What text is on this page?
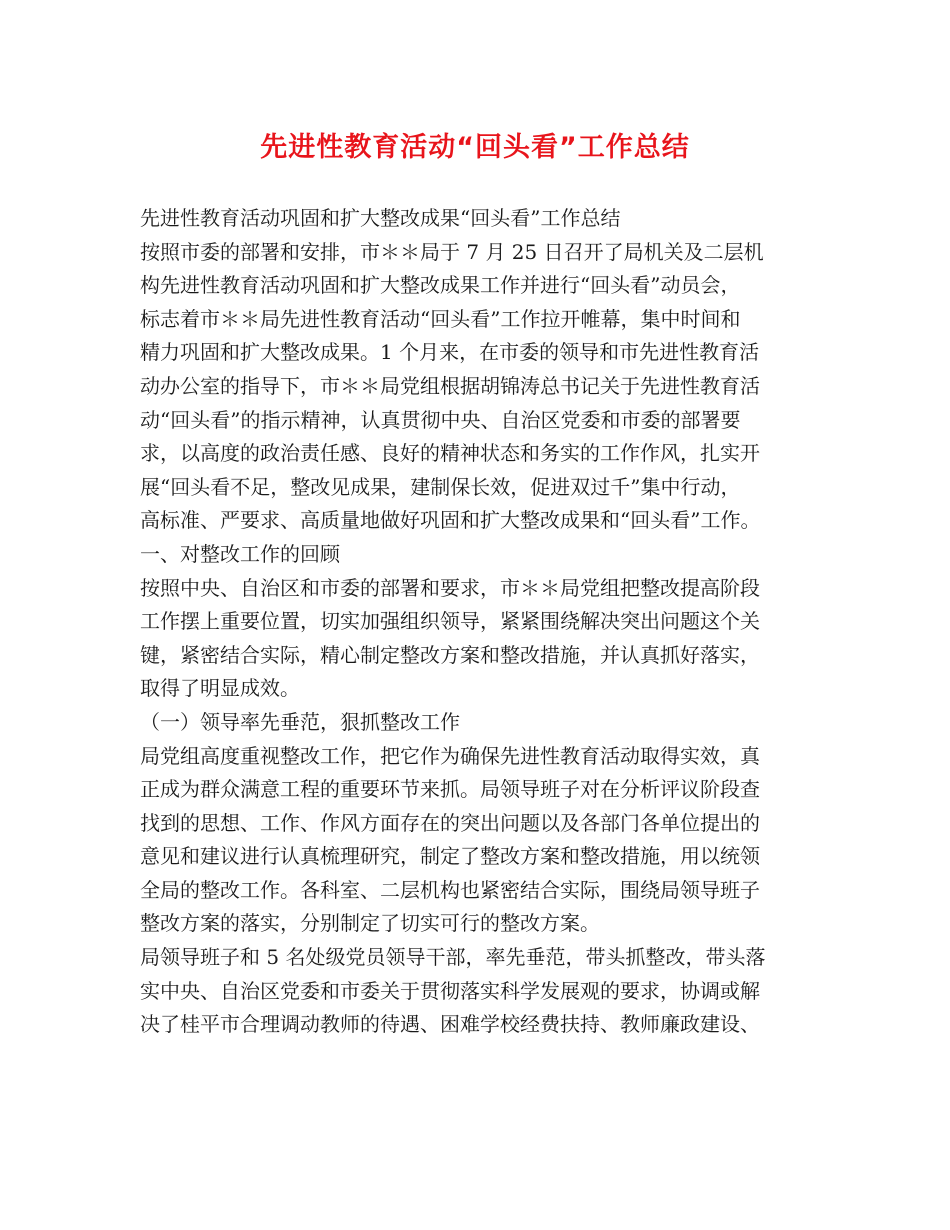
先进性教育活动“回头看”工作总结

先进性教育活动巩固和扩大整改成果“回头看”工作总结

按照市委的部署和安排，市＊＊局于 7 月 25 日召开了局机关及二层机

构先进性教育活动巩固和扩大整改成果工作并进行“回头看”动员会，

标志着市＊＊局先进性教育活动“回头看”工作拉开帷幕，集中时间和

精力巩固和扩大整改成果。1 个月来，在市委的领导和市先进性教育活

动办公室的指导下，市＊＊局党组根据胡锦涛总书记关于先进性教育活

动“回头看”的指示精神，认真贯彻中央、自治区党委和市委的部署要

求，以高度的政治责任感、良好的精神状态和务实的工作作风，扎实开

展“回头看不足，整改见成果，建制保长效，促进双过千”集中行动，

高标准、严要求、高质量地做好巩固和扩大整改成果和“回头看”工作。

一、对整改工作的回顾

按照中央、自治区和市委的部署和要求，市＊＊局党组把整改提高阶段

工作摆上重要位置，切实加强组织领导，紧紧围绕解决突出问题这个关

键，紧密结合实际，精心制定整改方案和整改措施，并认真抓好落实，

取得了明显成效。

（一）领导率先垂范，狠抓整改工作

局党组高度重视整改工作，把它作为确保先进性教育活动取得实效，真

正成为群众满意工程的重要环节来抓。局领导班子对在分析评议阶段查

找到的思想、工作、作风方面存在的突出问题以及各部门各单位提出的

意见和建议进行认真梳理研究，制定了整改方案和整改措施，用以统领

全局的整改工作。各科室、二层机构也紧密结合实际，围绕局领导班子

整改方案的落实，分别制定了切实可行的整改方案。

局领导班子和 5 名处级党员领导干部，率先垂范，带头抓整改，带头落

实中央、自治区党委和市委关于贯彻落实科学发展观的要求，协调或解

决了桂平市合理调动教师的待遇、困难学校经费扶持、教师廉政建设、
